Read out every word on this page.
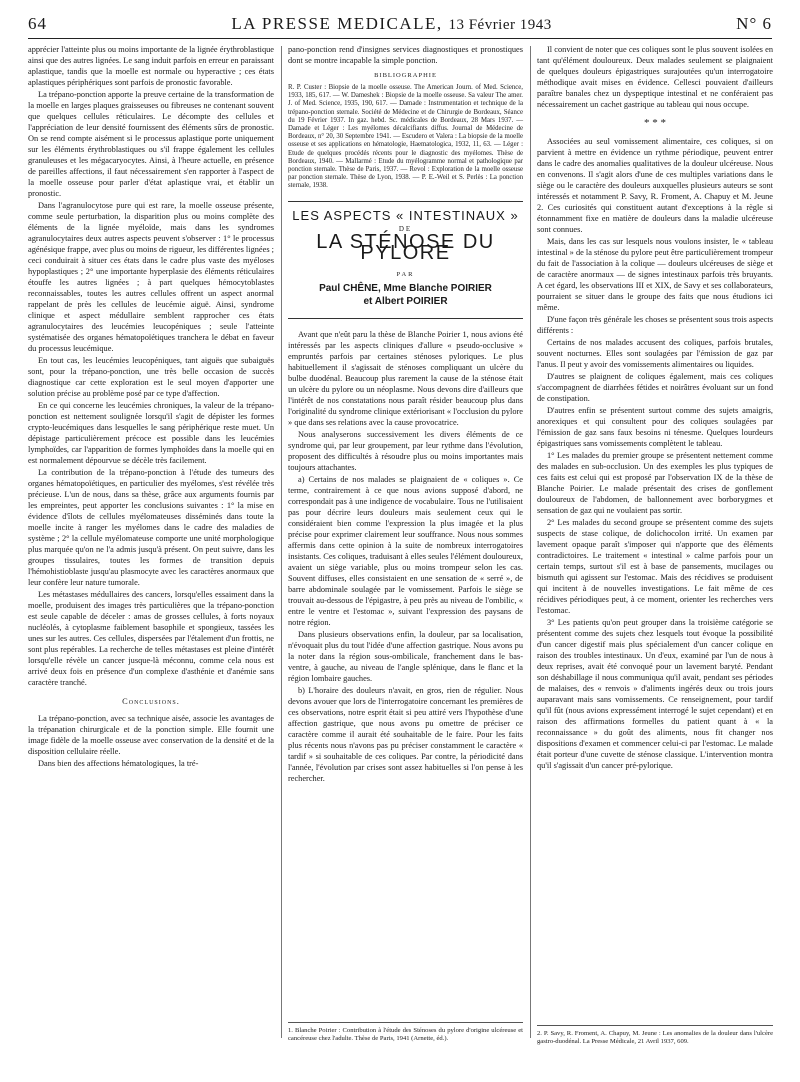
64	LA PRESSE MEDICALE, 13 Février 1943	N° 6

apprécier l'atteinte plus ou moins importante de la lignée érythroblastique ainsi que des autres lignées. Le sang induit parfois en erreur en paraissant aplastique, tandis que la moelle est normale ou hyperactive ; ces états aplastiques périphériques sont parfois de pronostic favorable.

La trépano-ponction apporte la preuve certaine de la transformation de la moelle en larges plaques graisseuses ou fibreuses ne contenant souvent que quelques cellules réticulaires. Le décompte des cellules et l'appréciation de leur densité fournissent des éléments sûrs de pronostic. On se rend compte aisément si le processus aplastique porte uniquement sur les éléments érythroblastiques ou s'il frappe également les cellules granuleuses et les mégacaryocytes. Ainsi, à l'heure actuelle, en présence de pareilles affections, il faut nécessairement s'en rapporter à l'aspect de la moelle osseuse pour parler d'état aplastique vrai, et établir un pronostic.

Dans l'agranulocytose pure qui est rare, la moelle osseuse présente, comme seule perturbation, la disparition plus ou moins complète des éléments de la lignée myéloïde, mais dans les syndromes agranulocytaires deux autres aspects peuvent s'observer : 1° le processus agénésique frappe, avec plus ou moins de rigueur, les différentes lignées ; ceci conduirait à situer ces états dans le cadre plus vaste des myéloses hypoplastiques ; 2° une importante hyperplasie des éléments réticulaires étouffe les autres lignées ; à part quelques hémocytoblastes reconnaissables, toutes les autres cellules offrent un aspect anormal rappelant de près les cellules de leucémie aiguë. Ainsi, syndrome clinique et aspect médullaire semblent rapprocher ces états agranulocytaires des leucémies leucopéniques ; seule l'atteinte systématisée des organes hématopoïétiques tranchera le débat en faveur du processus leucémique.

En tout cas, les leucémies leucopéniques, tant aiguës que subaiguës sont, pour la trépano-ponction, une très belle occasion de succès diagnostique car cette exploration est le seul moyen d'apporter une solution précise au problème posé par ce type d'affection.

En ce qui concerne les leucémies chroniques, la valeur de la trépano-ponction est nettement soulignée lorsqu'il s'agit de dépister les formes crypto-leucémiques dans lesquelles le sang périphérique reste muet. Un dépistage particulièrement précoce est possible dans les leucémies lymphoïdes, car l'apparition de formes lymphoïdes dans la moelle qui en est normalement dépourvue se décèle très facilement.

La contribution de la trépano-ponction à l'étude des tumeurs des organes hématopoïétiques, en particulier des myélomes, s'est révélée très précieuse. L'un de nous, dans sa thèse, grâce aux arguments fournis par les empreintes, peut apporter les conclusions suivantes : 1° la mise en évidence d'îlots de cellules myélomateuses disséminés dans toute la moelle incite à ranger les myélomes dans le cadre des maladies de système ; 2° la cellule myélomateuse comporte une unité morphologique plus marquée qu'on ne l'a admis jusqu'à présent. On peut suivre, dans les groupes tissulaires, toutes les formes de transition depuis l'hémohistioblaste jusqu'au plasmocyte avec les caractères anormaux que leur confère leur nature tumorale.

Les métastases médullaires des cancers, lorsqu'elles essaiment dans la moelle, produisent des images très particulières que la trépano-ponction est seule capable de déceler : amas de grosses cellules, à forts noyaux nucléolés, à cytoplasme faiblement basophile et spongieux, tassées les unes sur les autres. Ces cellules, dispersées par l'étalement d'un frottis, ne sont plus repérables. La recherche de telles métastases est pleine d'intérêt lorsqu'elle révèle un cancer jusque-là méconnu, comme cela nous est arrivé deux fois en présence d'un complexe d'asthénie et d'anémie sans caractère tranché.

Conclusions.

La trépano-ponction, avec sa technique aisée, associe les avantages de la trépanation chirurgicale et de la ponction simple. Elle fournit une image fidèle de la moelle osseuse avec conservation de la densité et de la disposition cellulaire réelle.

Dans bien des affections hématologiques, la tré-

pano-ponction rend d'insignes services diagnostiques et pronostiques dont se montre incapable la simple ponction.

BIBLIOGRAPHIE

R. P. Custer : Biopsie de la moelle osseuse. The American Journ. of Med. Science, 1933, 185, 617. — W. Dameshek : Biopsie de la moelle osseuse. Sa valeur The amer. J. of Med. Science, 1935, 190, 617. — Damade : Instrumentation et technique de la trépano-ponction sternale. Société de Médecine et de Chirurgie de Bordeaux, Séance du 19 Février 1937. In gaz. hebd. Sc. médicales de Bordeaux, 28 Mars 1937. — Damade et Léger : Les myélomes décalcifiants diffus. Journal de Médecine de Bordeaux, n° 20, 30 Septembre 1941. — Escudero et Valera : La biopsie de la moelle osseuse et ses applications en hématologie, Haematologica, 1932, 11, 63. — Léger : Etude de quelques procédés récents pour le diagnostic des myélomes. Thèse de Bordeaux, 1940. — Mallarmé : Etude du myélogramme normal et pathologique par ponction sternale. Thèse de Paris, 1937. — Revol : Exploration de la moelle osseuse par ponction sternale. Thèse de Lyon, 1938. — P. E.-Weil et S. Perlès : La ponction sternale, 1938.

LES ASPECTS « INTESTINAUX »
DE
LA STÉNOSE DU PYLORE
PAR
Paul CHÊNE, Mme Blanche POIRIER
et Albert POIRIER

Avant que n'eût paru la thèse de Blanche Poirier 1, nous avions été intéressés par les aspects cliniques d'allure « pseudo-occlusive » empruntés parfois par certaines sténoses pyloriques. Le plus habituellement il s'agissait de sténoses compliquant un ulcère du bulbe duodénal. Beaucoup plus rarement la cause de la sténose était un ulcère du pylore ou un néoplasme. Nous devons dire d'ailleurs que l'intérêt de nos constatations nous paraît résider beaucoup plus dans l'originalité du syndrome clinique extériorisant « l'occlusion du pylore » que dans ses relations avec la cause provocatrice.

Nous analyserons successivement les divers éléments de ce syndrome qui, par leur groupement, par leur rythme dans l'évolution, proposent des difficultés à résoudre plus ou moins importantes mais toujours attachantes.

a) Certains de nos malades se plaignaient de « coliques ». Ce terme, contrairement à ce que nous avions supposé d'abord, ne correspondait pas à une indigence de vocabulaire. Tous ne l'utilisaient pas pour décrire leurs douleurs mais seulement ceux qui le considéraient bien comme l'expression la plus imagée et la plus précise pour exprimer clairement leur souffrance. Nous nous sommes affermis dans cette opinion à la suite de nombreux interrogatoires insistants. Ces coliques, traduisant à elles seules l'élément douloureux, avaient un siège variable, plus ou moins trompeur selon les cas. Souvent diffuses, elles consistaient en une sensation de « serré », de barre abdominale soulagée par le vomissement. Parfois le siège se trouvait au-dessous de l'épigastre, à peu près au niveau de l'ombilic, « entre le ventre et l'estomac », suivant l'expression des paysans de notre région.

Dans plusieurs observations enfin, la douleur, par sa localisation, n'évoquait plus du tout l'idée d'une affection gastrique. Nous avons pu la noter dans la région sous-ombilicale, franchement dans le bas-ventre, à gauche, au niveau de l'angle splénique, dans le flanc et la région lombaire gauches.

b) L'horaire des douleurs n'avait, en gros, rien de régulier. Nous devons avouer que lors de l'interrogatoire concernant les premières de ces observations, notre esprit était si peu attiré vers l'hypothèse d'une affection gastrique, que nous avons pu omettre de préciser ce caractère comme il aurait été souhaitable de le faire. Pour les faits plus récents nous n'avons pas pu préciser constamment le caractère « tardif » si souhaitable de ces coliques. Par contre, la périodicité dans l'année, l'évolution par crises sont assez habituelles si l'on pense à les rechercher.

1. Blanche Poirier : Contribution à l'étude des Sténoses du pylore d'origine ulcéreuse et cancéreuse chez l'adulte. Thèse de Paris, 1941 (Arnette, éd.).

Il convient de noter que ces coliques sont le plus souvent isolées en tant qu'élément douloureux. Deux malades seulement se plaignaient de quelques douleurs épigastriques surajoutées qu'un interrogatoire méthodique avait mises en évidence. Cellesci pouvaient d'ailleurs paraître banales chez un dyspeptique intestinal et ne conféraient pas nécessairement un cachet gastrique au tableau qui nous occupe.

* * *

Associées au seul vomissement alimentaire, ces coliques, si on parvient à mettre en évidence un rythme périodique, peuvent entrer dans le cadre des anomalies qualitatives de la douleur ulcéreuse. Nous en convenons. Il s'agit alors d'une de ces multiples variations dans le siège ou le caractère des douleurs auxquelles plusieurs auteurs se sont intéressés et notamment P. Savy, R. Froment, A. Chapuy et M. Jeune 2. Ces curiosités qui constituent autant d'exceptions à la règle si étonnamment fixe en matière de douleurs dans la maladie ulcéreuse sont connues.

Mais, dans les cas sur lesquels nous voulons insister, le « tableau intestinal » de la sténose du pylore peut être particulièrement trompeur du fait de l'association à la colique — douleurs ulcéreuses de siège et de caractère anormaux — de signes intestinaux parfois très bruyants. A cet égard, les observations III et XIX, de Savy et ses collaborateurs, pourraient se situer dans le groupe des faits que nous étudions ici même.

D'une façon très générale les choses se présentent sous trois aspects différents :

Certains de nos malades accusent des coliques, parfois brutales, souvent nocturnes. Elles sont soulagées par l'émission de gaz par l'anus. Il peut y avoir des vomissements alimentaires ou liquides.

D'autres se plaignent de coliques également, mais ces coliques s'accompagnent de diarrhées fétides et noirâtres évoluant sur un fond de constipation.

D'autres enfin se présentent surtout comme des sujets amaigris, anorexiques et qui consultent pour des coliques soulagées par l'émission de gaz sans faux besoins ni ténesme. Quelques lourdeurs épigastriques sans vomissements complètent le tableau.

1° Les malades du premier groupe se présentent nettement comme des malades en sub-occlusion. Un des exemples les plus typiques de ces faits est celui qui est proposé par l'observation IX de la thèse de Blanche Poirier. Le malade présentait des crises de gonflement douloureux de l'abdomen, de ballonnement avec borborygmes et sensation de gaz qui ne voulaient pas sortir.

2° Les malades du second groupe se présentent comme des sujets suspects de stase colique, de dolichocolon irrité. Un examen par lavement opaque paraît s'imposer qui n'apporte que des éléments contradictoires. Le traitement « intestinal » calme parfois pour un certain temps, surtout s'il est à base de pansements, mucilages ou bismuth qui agissent sur l'estomac. Mais des récidives se produisent qui incitent à de nouvelles investigations. Le fait même de ces récidives périodiques peut, à ce moment, orienter les recherches vers l'estomac.

3° Les patients qu'on peut grouper dans la troisième catégorie se présentent comme des sujets chez lesquels tout évoque la possibilité d'un cancer digestif mais plus spécialement d'un cancer colique en raison des troubles intestinaux. Un d'eux, examiné par l'un de nous à deux reprises, avait été convoqué pour un lavement baryté. Pendant son déshabillage il nous communiqua qu'il avait, pendant ses périodes de malaises, des « renvois » d'aliments ingérés deux ou trois jours auparavant mais sans vomissements. Ce renseignement, pour tardif qu'il fût (nous avions expressément interrogé le sujet cependant) et en raison des affirmations formelles du patient quant à « la reconnaissance » du goût des aliments, nous fit changer nos dispositions d'examen et commencer celui-ci par l'estomac. Le malade était porteur d'une cuvette de sténose classique. L'intervention montra qu'il s'agissait d'un cancer pré-pylorique.

2. P. Savy, R. Froment, A. Chapuy, M. Jeune : Les anomalies de la douleur dans l'ulcère gastro-duodénal. La Presse Médicale, 21 Avril 1937, 609.
